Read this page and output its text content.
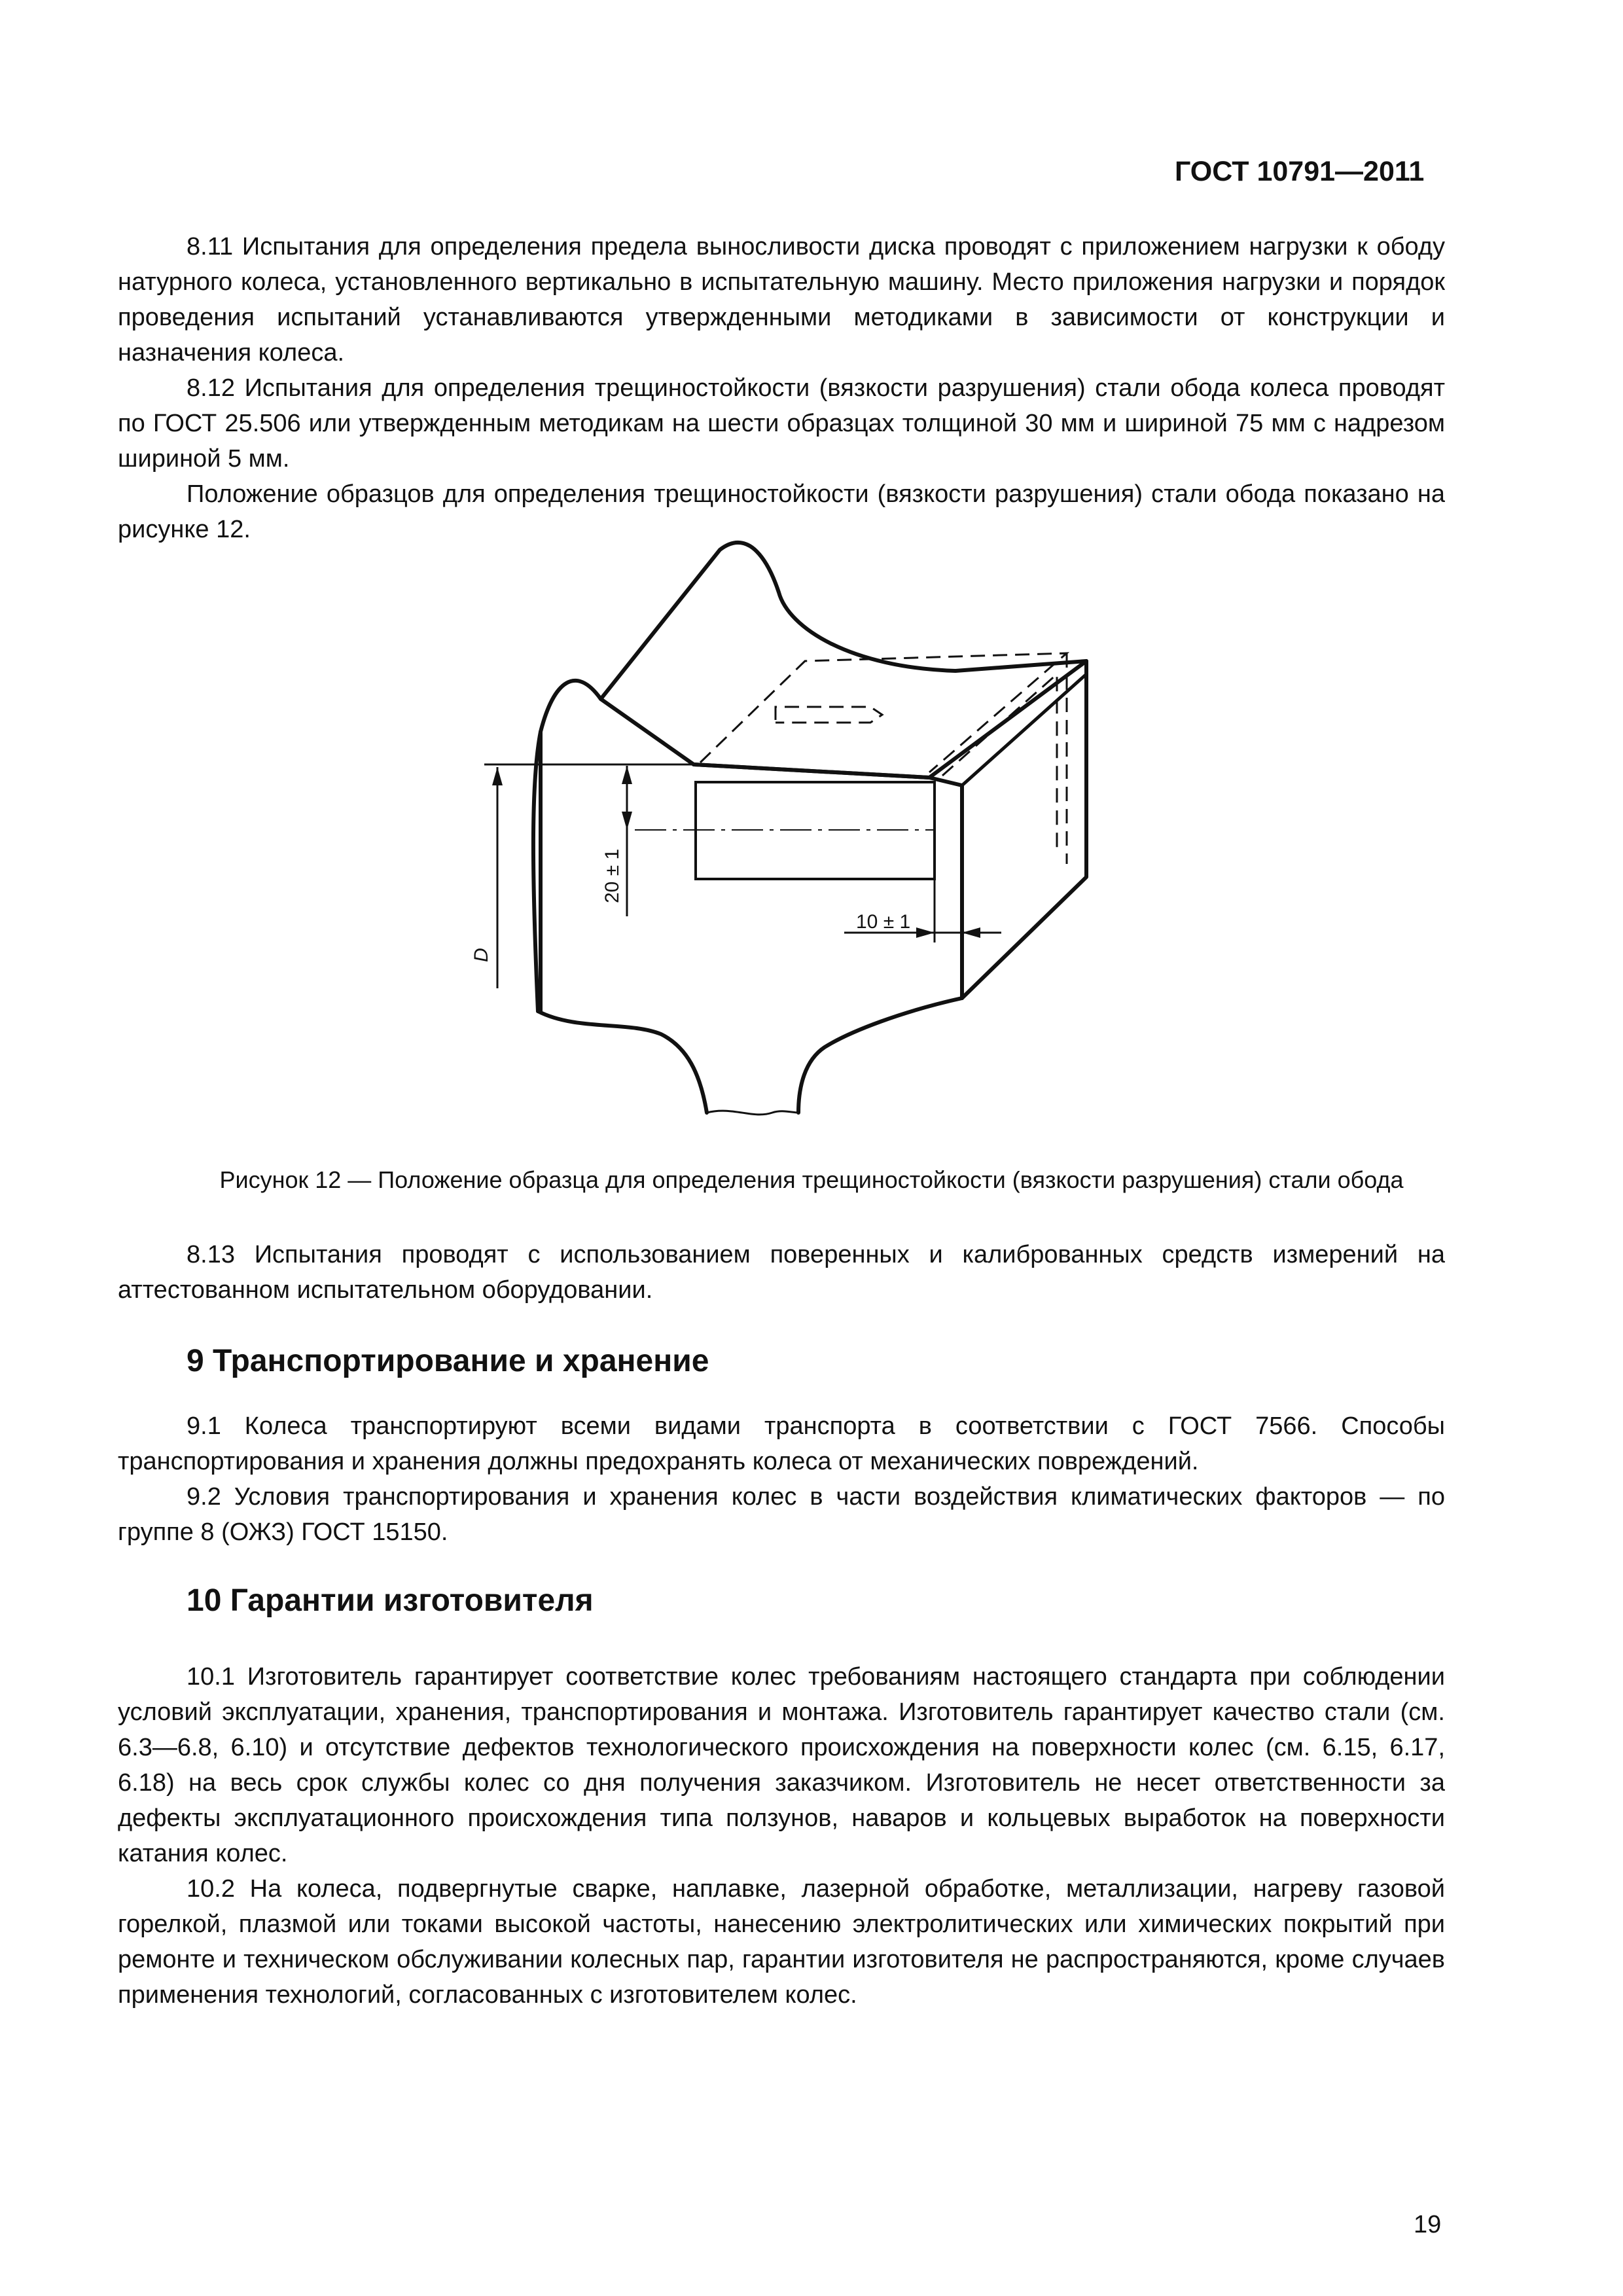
ГОСТ 10791—2011

8.11 Испытания для определения предела выносливости диска проводят с приложением нагрузки к ободу натурного колеса, установленного вертикально в испытательную машину. Место приложения нагрузки и порядок проведения испытаний устанавливаются утвержденными методиками в зависимости от конструкции и назначения колеса.

8.12 Испытания для определения трещиностойкости (вязкости разрушения) стали обода колеса проводят по ГОСТ 25.506 или утвержденным методикам на шести образцах толщиной 30 мм и шириной 75 мм с надрезом шириной 5 мм.

Положение образцов для определения трещиностойкости (вязкости разрушения) стали обода показано на рисунке 12.

20 ± 1
10 ± 1
D
Рисунок 12 — Положение образца для определения трещиностойкости (вязкости разрушения) стали обода

8.13 Испытания проводят с использованием поверенных и калиброванных средств измерений на аттестованном испытательном оборудовании.

9 Транспортирование и хранение

9.1 Колеса транспортируют всеми видами транспорта в соответствии с ГОСТ 7566. Способы транспортирования и хранения должны предохранять колеса от механических повреждений.

9.2 Условия транспортирования и хранения колес в части воздействия климатических факторов — по группе 8 (ОЖЗ) ГОСТ 15150.

10 Гарантии изготовителя

10.1 Изготовитель гарантирует соответствие колес требованиям настоящего стандарта при соблюдении условий эксплуатации, хранения, транспортирования и монтажа. Изготовитель гарантирует качество стали (см. 6.3—6.8, 6.10) и отсутствие дефектов технологического происхождения на поверхности колес (см. 6.15, 6.17, 6.18) на весь срок службы колес со дня получения заказчиком. Изготовитель не несет ответственности за дефекты эксплуатационного происхождения типа ползунов, наваров и кольцевых выработок на поверхности катания колес.

10.2 На колеса, подвергнутые сварке, наплавке, лазерной обработке, металлизации, нагреву газовой горелкой, плазмой или токами высокой частоты, нанесению электролитических или химических покрытий при ремонте и техническом обслуживании колесных пар, гарантии изготовителя не распространяются, кроме случаев применения технологий, согласованных с изготовителем колес.

19
